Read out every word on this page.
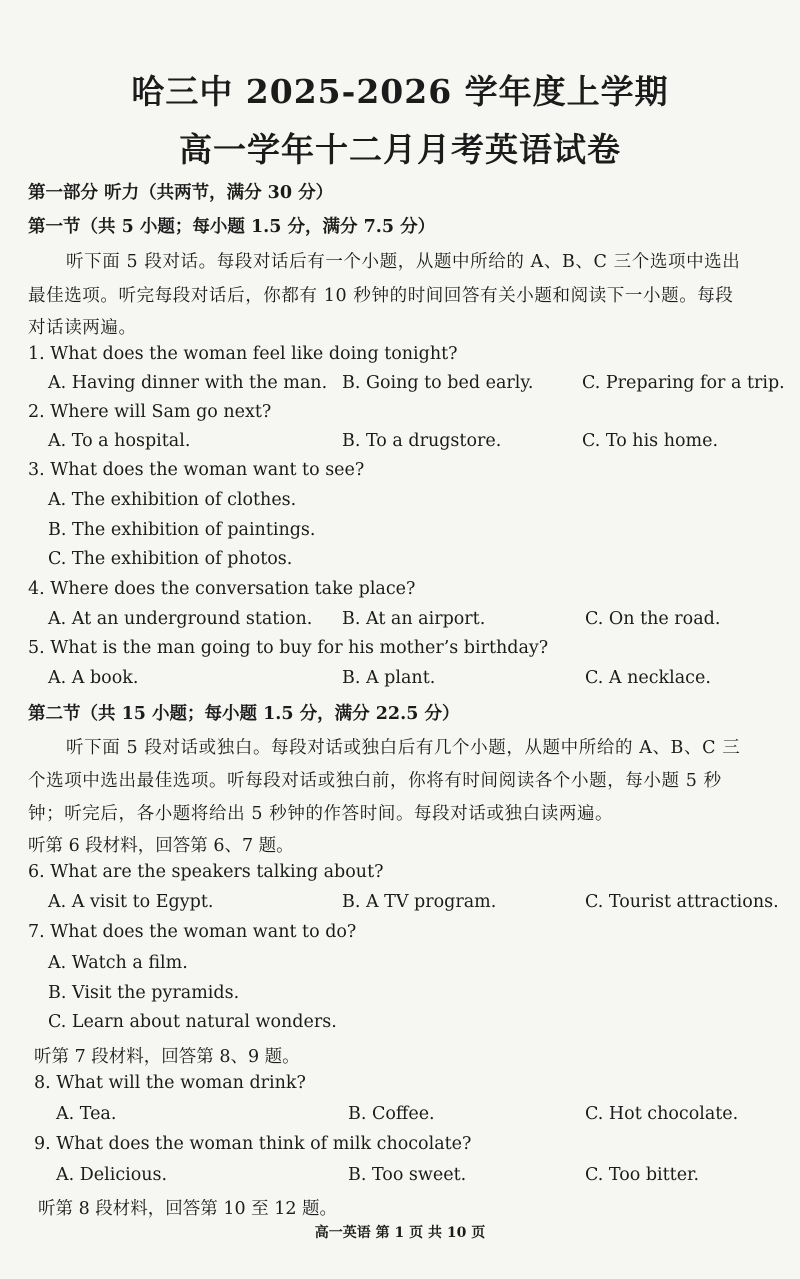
哈三中 2025-2026 学年度上学期
高一学年十二月月考英语试卷
第一部分 听力（共两节，满分 30 分）
第一节（共 5 小题；每小题 1.5 分，满分 7.5 分）
听下面 5 段对话。每段对话后有一个小题，从题中所给的 A、B、C 三个选项中选出
最佳选项。听完每段对话后，你都有 10 秒钟的时间回答有关小题和阅读下一小题。每段
对话读两遍。
1. What does the woman feel like doing tonight?
A. Having dinner with the man. B. Going to bed early.	C. Preparing for a trip.
2. Where will Sam go next?
A. To a hospital.	B. To a drugstore.	C. To his home.
3. What does the woman want to see?
A. The exhibition of clothes.
B. The exhibition of paintings.
C. The exhibition of photos.
4. Where does the conversation take place?
A. At an underground station. B. At an airport.	C. On the road.
5. What is the man going to buy for his mother’s birthday?
A. A book.	B. A plant.	C. A necklace.
第二节（共 15 小题；每小题 1.5 分，满分 22.5 分）
听下面 5 段对话或独白。每段对话或独白后有几个小题，从题中所给的 A、B、C 三
个选项中选出最佳选项。听每段对话或独白前，你将有时间阅读各个小题，每小题 5 秒
钟；听完后，各小题将给出 5 秒钟的作答时间。每段对话或独白读两遍。
听第 6 段材料，回答第 6、7 题。
6. What are the speakers talking about?
A. A visit to Egypt.	B. A TV program.	C. Tourist attractions.
7. What does the woman want to do?
A. Watch a film.
B. Visit the pyramids.
C. Learn about natural wonders.
听第 7 段材料，回答第 8、9 题。
8. What will the woman drink?
A. Tea.	B. Coffee.	C. Hot chocolate.
9. What does the woman think of milk chocolate?
A. Delicious.	B. Too sweet.	C. Too bitter.
听第 8 段材料，回答第 10 至 12 题。
高一英语 第 1 页 共 10 页
